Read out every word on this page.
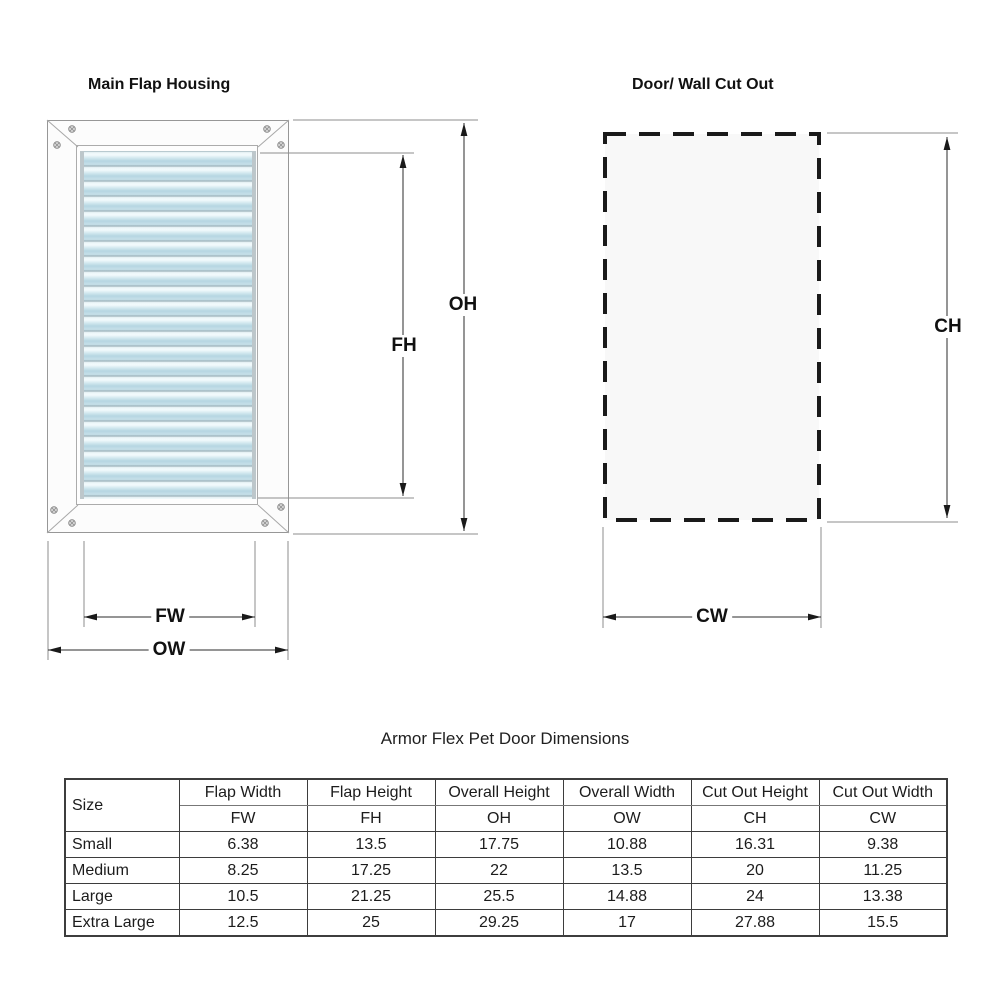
Main Flap Housing	Door/ Wall Cut Out
OH
FH
FW
OW
CH
CW
Armor Flex Pet Door Dimensions
Size	Flap Width	Flap Height	Overall Height	Overall Width	Cut Out Height	Cut Out Width
	FW	FH	OH	OW	CH	CW
Small	6.38	13.5	17.75	10.88	16.31	9.38
Medium	8.25	17.25	22	13.5	20	11.25
Large	10.5	21.25	25.5	14.88	24	13.38
Extra Large	12.5	25	29.25	17	27.88	15.5
